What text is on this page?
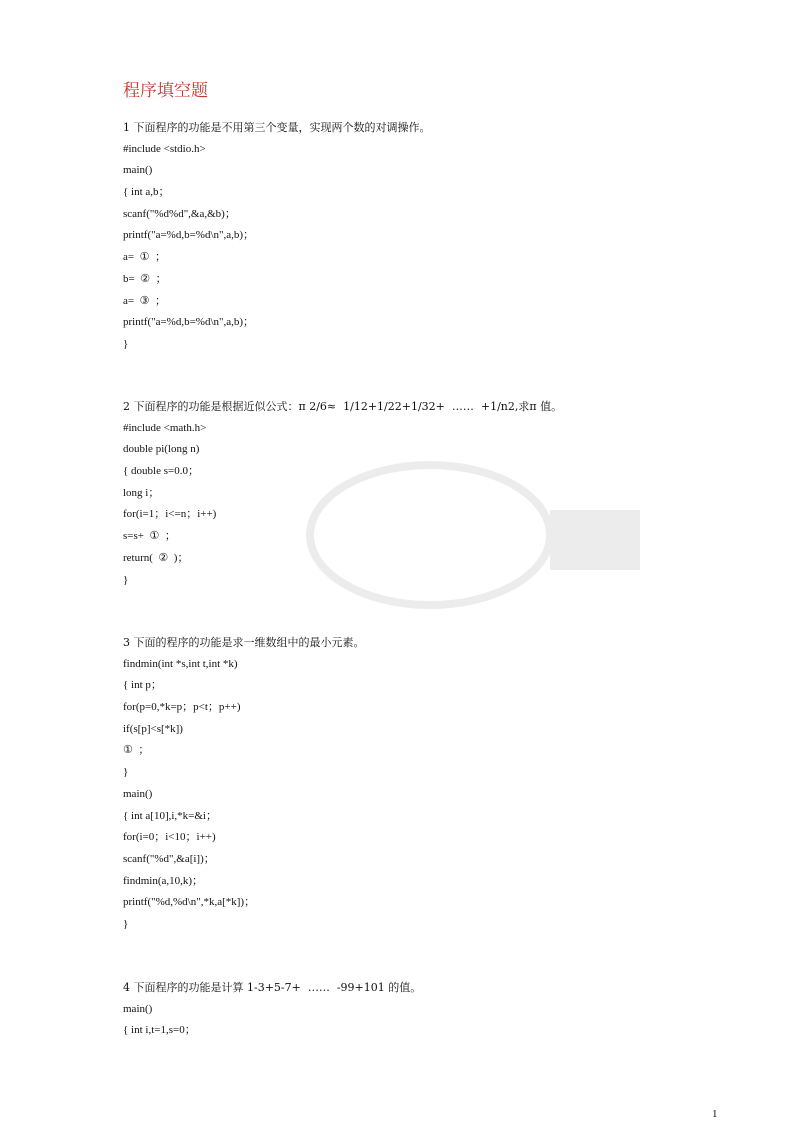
程序填空题
1 下面程序的功能是不用第三个变量，实现两个数的对调操作。
#include <stdio.h>
main()
{ int a,b；
scanf("%d%d",&a,&b)；
printf("a=%d,b=%d\n",a,b)；
a=  ①  ；
b=  ②  ；
a=  ③  ；
printf("a=%d,b=%d\n",a,b)；
}
2 下面程序的功能是根据近似公式：π 2/6≈  1/12+1/22+1/32+  ……  +1/n2,求π 值。
#include <math.h>
double pi(long n)
{ double s=0.0；
long i；
for(i=1；i<=n；i++)
s=s+  ①  ；
return(  ②  )；
}
3 下面的程序的功能是求一维数组中的最小元素。
findmin(int *s,int t,int *k)
{ int p；
for(p=0,*k=p；p<t；p++)
if(s[p]<s[*k])
①  ；
}
main()
{ int a[10],i,*k=&i；
for(i=0；i<10；i++)
scanf("%d",&a[i])；
findmin(a,10,k)；
printf("%d,%d\n",*k,a[*k])；
}
4 下面程序的功能是计算 1-3+5-7+  ……  -99+101 的值。
main()
{ int i,t=1,s=0；
1
